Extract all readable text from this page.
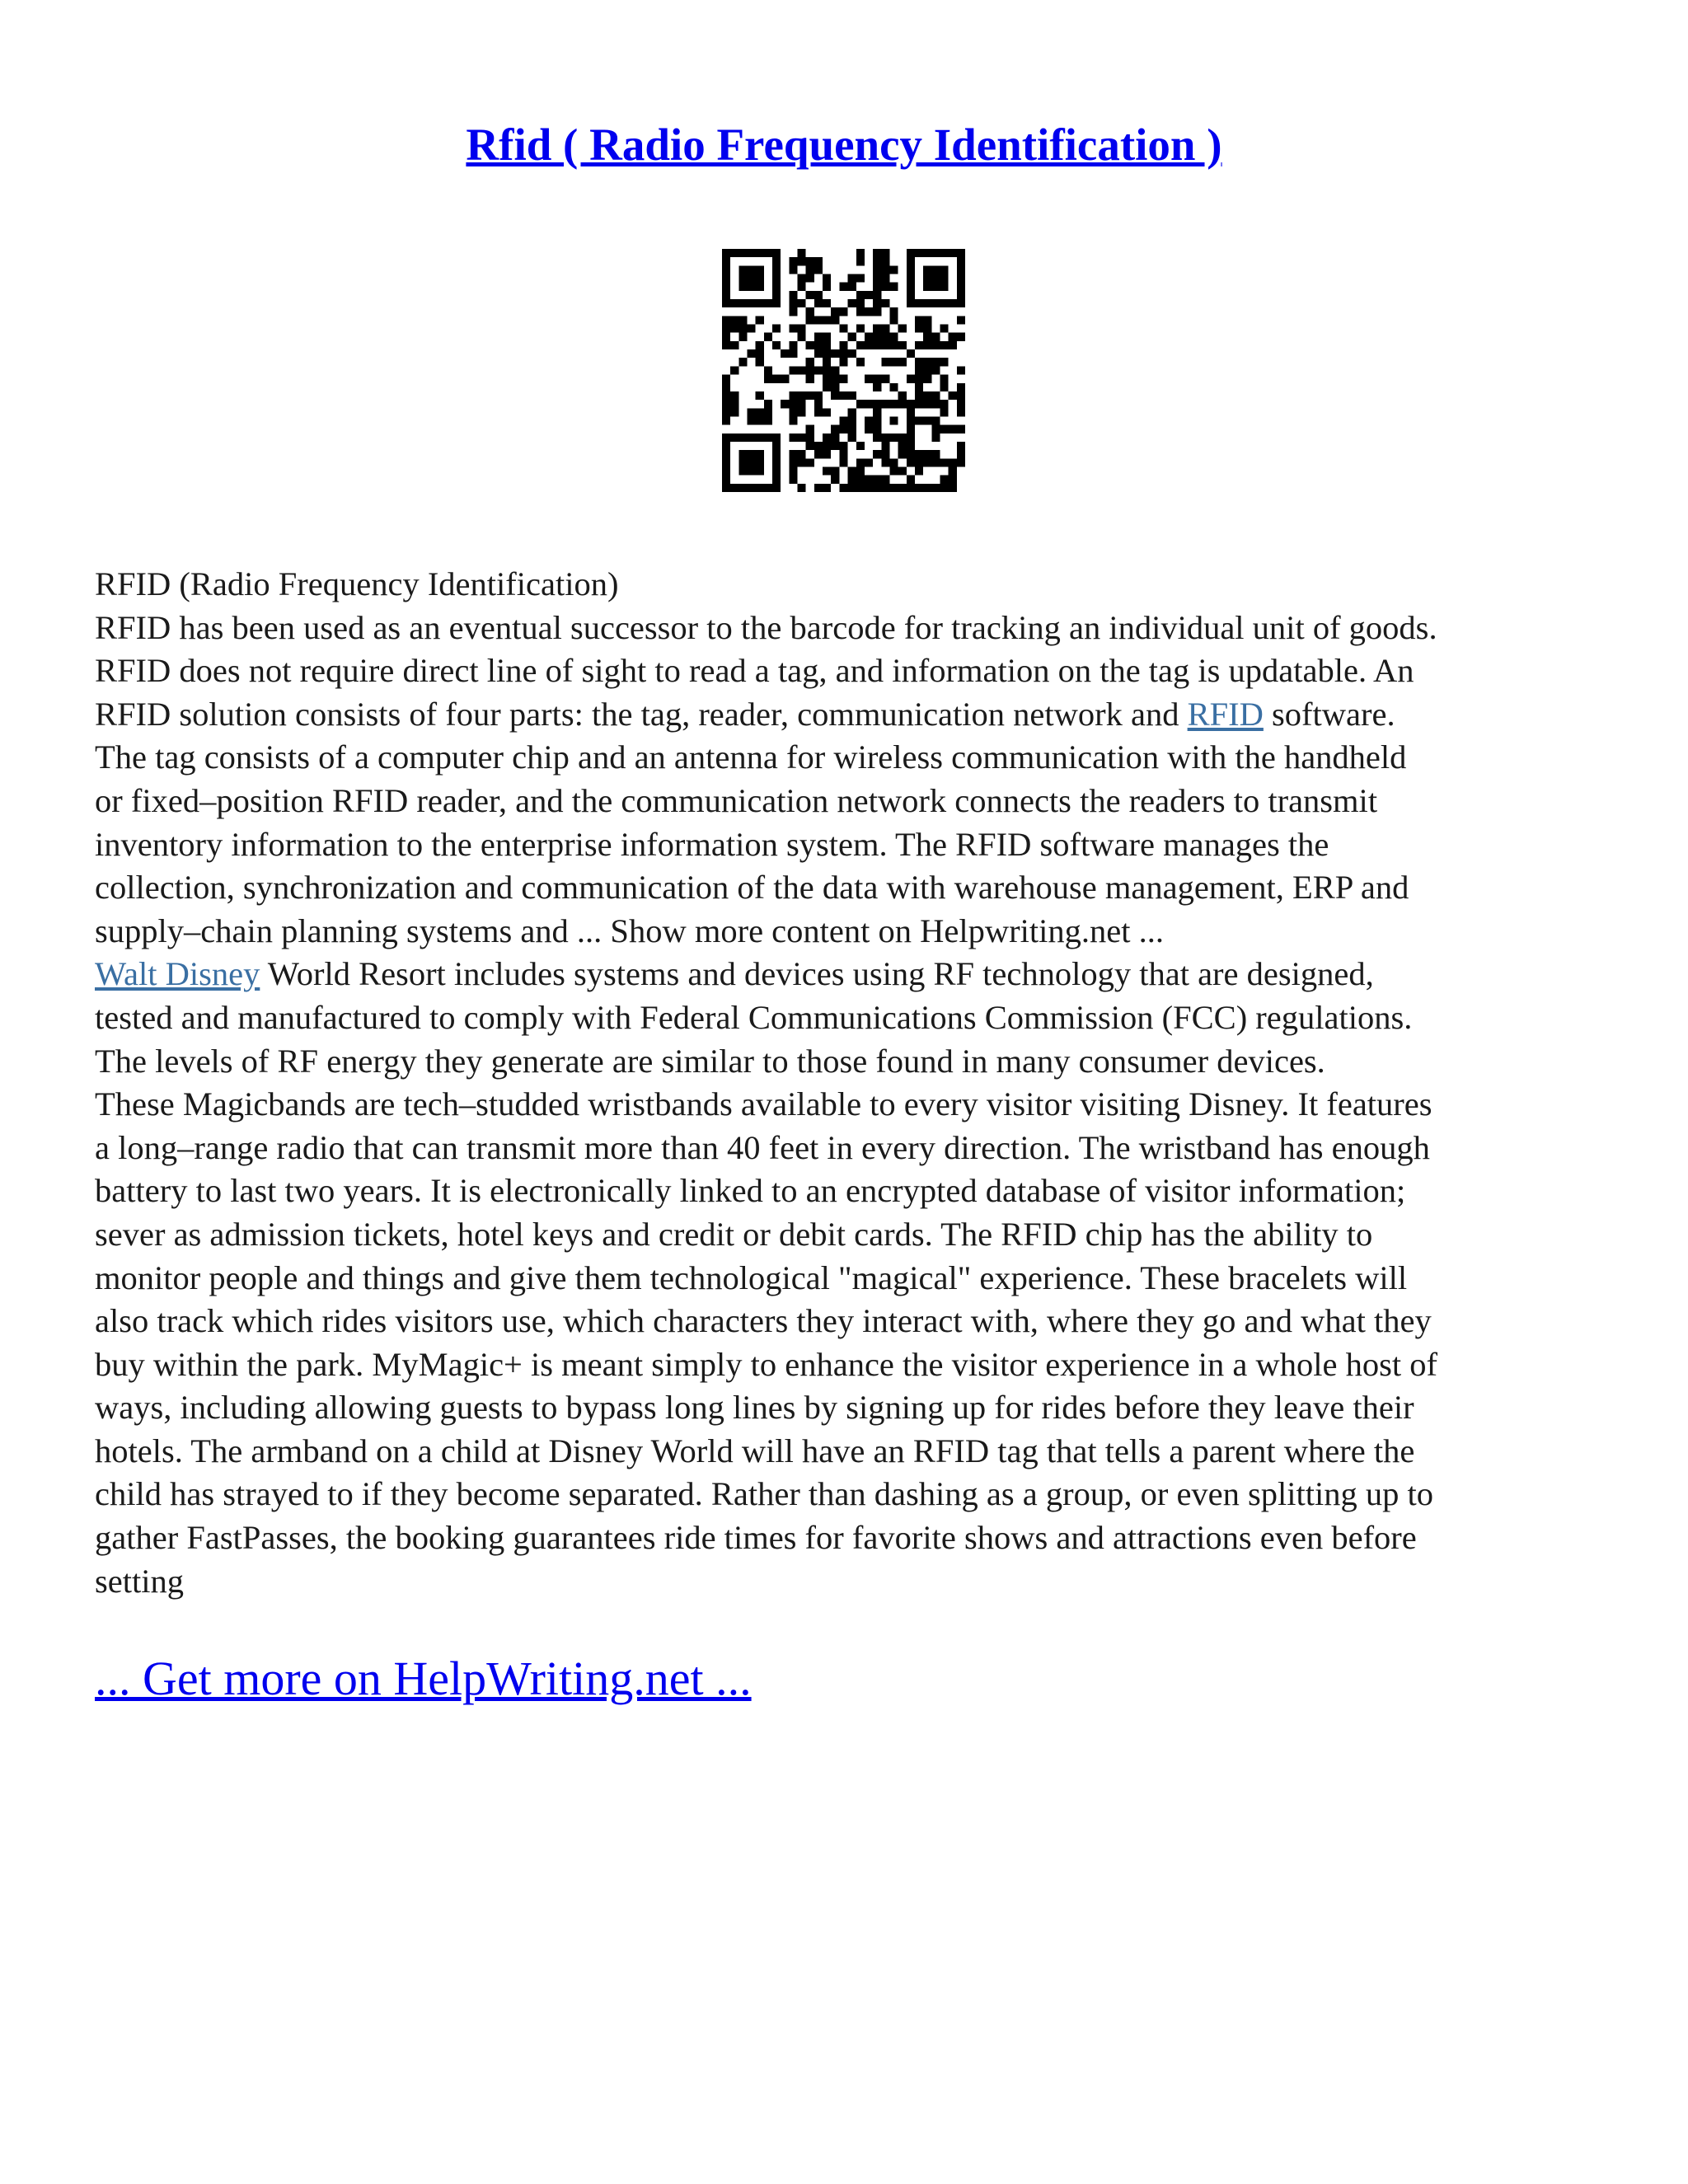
Rfid ( Radio Frequency Identification )
RFID (Radio Frequency Identification)
RFID has been used as an eventual successor to the barcode for tracking an individual unit of goods.
RFID does not require direct line of sight to read a tag, and information on the tag is updatable. An
RFID solution consists of four parts: the tag, reader, communication network and RFID software.
The tag consists of a computer chip and an antenna for wireless communication with the handheld
or fixed–position RFID reader, and the communication network connects the readers to transmit
inventory information to the enterprise information system. The RFID software manages the
collection, synchronization and communication of the data with warehouse management, ERP and
supply–chain planning systems and ... Show more content on Helpwriting.net ...
Walt Disney World Resort includes systems and devices using RF technology that are designed,
tested and manufactured to comply with Federal Communications Commission (FCC) regulations.
The levels of RF energy they generate are similar to those found in many consumer devices.
These Magicbands are tech–studded wristbands available to every visitor visiting Disney. It features
a long–range radio that can transmit more than 40 feet in every direction. The wristband has enough
battery to last two years. It is electronically linked to an encrypted database of visitor information;
sever as admission tickets, hotel keys and credit or debit cards. The RFID chip has the ability to
monitor people and things and give them technological "magical" experience. These bracelets will
also track which rides visitors use, which characters they interact with, where they go and what they
buy within the park. MyMagic+ is meant simply to enhance the visitor experience in a whole host of
ways, including allowing guests to bypass long lines by signing up for rides before they leave their
hotels. The armband on a child at Disney World will have an RFID tag that tells a parent where the
child has strayed to if they become separated. Rather than dashing as a group, or even splitting up to
gather FastPasses, the booking guarantees ride times for favorite shows and attractions even before
setting
... Get more on HelpWriting.net ...
